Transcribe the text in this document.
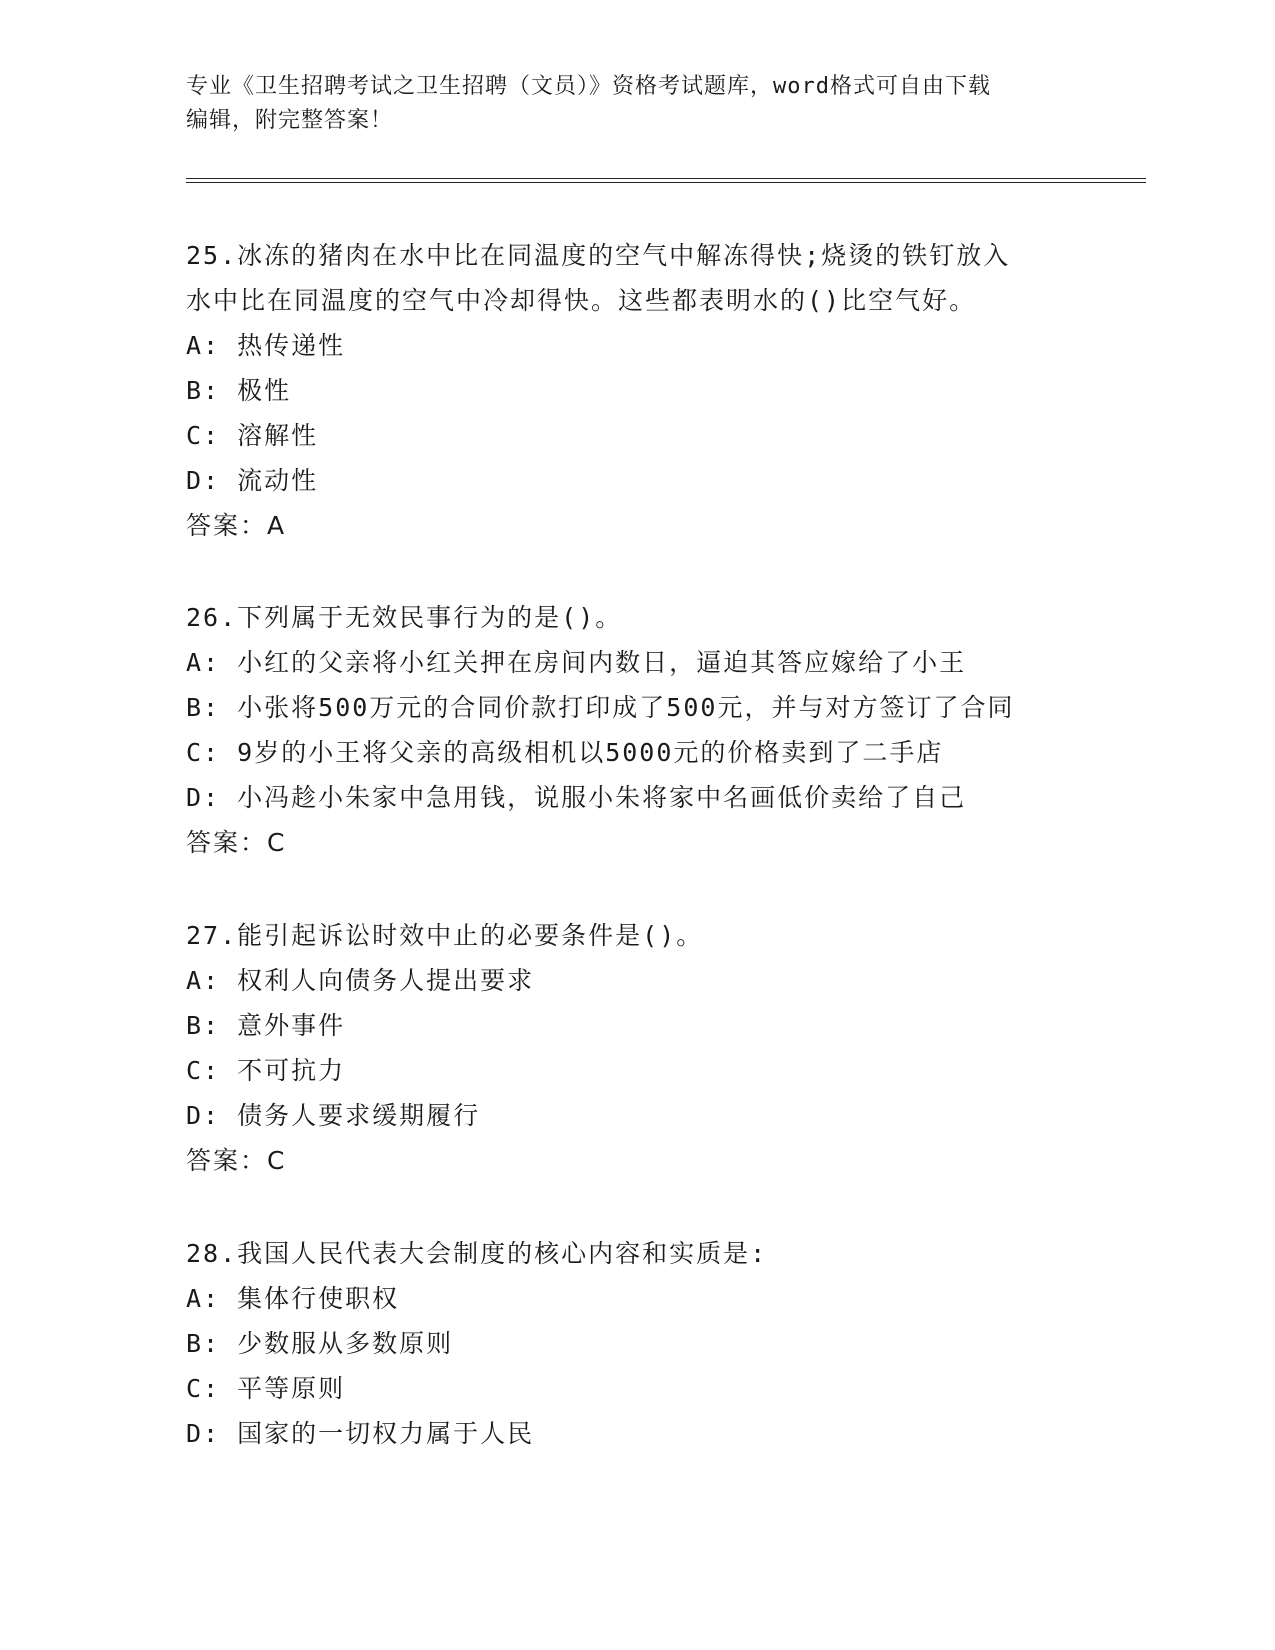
专业《卫生招聘考试之卫生招聘（文员）》资格考试题库，word格式可自由下载
编辑，附完整答案！

25.冰冻的猪肉在水中比在同温度的空气中解冻得快;烧烫的铁钉放入

水中比在同温度的空气中冷却得快。这些都表明水的()比空气好。

A: 热传递性

B: 极性

C: 溶解性

D: 流动性

答案：A

26.下列属于无效民事行为的是()。

A: 小红的父亲将小红关押在房间内数日，逼迫其答应嫁给了小王

B: 小张将500万元的合同价款打印成了500元，并与对方签订了合同

C: 9岁的小王将父亲的高级相机以5000元的价格卖到了二手店

D: 小冯趁小朱家中急用钱，说服小朱将家中名画低价卖给了自己

答案：C

27.能引起诉讼时效中止的必要条件是()。

A: 权利人向债务人提出要求

B: 意外事件

C: 不可抗力

D: 债务人要求缓期履行

答案：C

28.我国人民代表大会制度的核心内容和实质是:

A: 集体行使职权

B: 少数服从多数原则

C: 平等原则

D: 国家的一切权力属于人民
